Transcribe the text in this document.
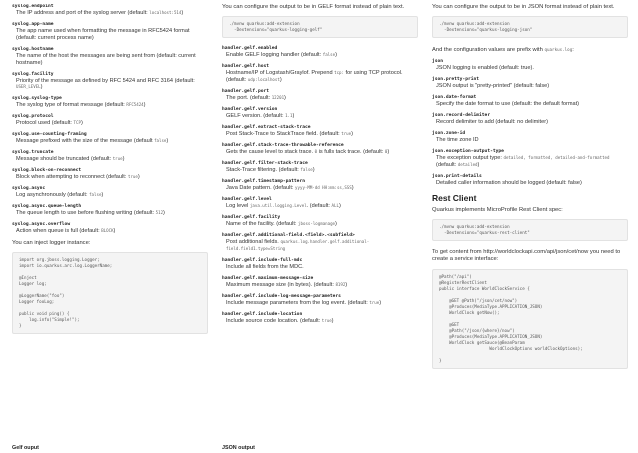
syslog.endpoint
The IP address and port of the syslog server (default: localhost:514)
syslog.app-name
The app name used when formatting the message in RFC5424 format (default: current process name)
syslog.hostname
The name of the host the messages are being sent from (default: current hostname)
syslog.facility
Priority of the message as defined by RFC 5424 and RFC 3164 (default: USER_LEVEL)
syslog.syslog-type
The syslog type of format message (default: RFC5424)
syslog.protocol
Protocol used (default: TCP)
syslog.use-counting-framing
Message prefixed with the size of the message (default false)
syslog.truncate
Message should be truncated (default: true)
syslog.block-on-reconnect
Block when attempting to reconnect (default: true)
syslog.async
Log asynchronously (default: false)
syslog.async.queue-length
The queue length to use before flushing writing (default: 512)
syslog.async.overflow
Action when queue is full (default: BLOCK)

You can inject logger instance:

import org.jboss.logging.Logger;
import io.quarkus.arc.log.LoggerName;

@Inject
Logger log;

@LoggerName("foo")
Logger fooLog;

public void ping() {
log.info("Simple!");
}
Gelf ouput

You can configure the output to be in GELF format instead of plain text.

./mvnw quarkus:add-extension
-Dextensions="quarkus-logging-gelf"
handler.gelf.enabled
Enable GELF logging handler (default: false)
handler.gelf.host
Hostname/IP of Logstash/Graylof. Prepend tcp: for using TCP protocol. (default: udp:localhost)
handler.gelf.port
The port. (default: 12201)
handler.gelf.version
GELF version. (default: 1.1)
handler.gelf.extract-stack-trace
Post Stack-Trace to StackTrace field. (default: true)
handler.gelf.stack-trace-throwable-reference
Gets the cause level to stack trace. 0 is fulls tack trace. (default: 0)
handler.gelf.filter-stack-trace
Stack-Trace filtering. (default: false)
handler.gelf.timestamp-pattern
Java Date pattern. (default: yyyy-MM-dd HH:mm:ss,SSS)
handler.gelf.level
Log level java.util.logging.Level. (default: ALL)
handler.gelf.facility
Name of the facility. (default: jboss-logmanage)
handler.gelf.additional-field.<field>.<subfield>
Post additional fields. quarkus.log.handler.gelf.additional-field.field1.type=String
handler.gelf.include-full-mdc
Include all fields from the MDC.
handler.gelf.maximum-message-size
Maximum message size (in bytes). (default: 8192)
handler.gelf.include-log-message-parameters
Include message parameters from the log event. (default: true)
handler.gelf.include-location
Include source code location. (default: true)
JSON output

You can configure the output to be in JSON format instead of plain text.

./mvnw quarkus:add-extension
-Dextensions="quarkus-logging-json"

And the configuration values are prefix with quarkus.log:

json
JSON logging is enabled (default: true).
json.pretty-print
JSON output is "pretty-printed" (default: false)
json.date-format
Specify the date format to use (default: the default format)
json.record-delimiter
Record delimiter to add (default: no delimiter)
json.zone-id
The time zone ID
json.exception-output-type
The exception output type: detailed, formatted, detailed-and-formatted (default: detailed)
json.print-details
Detailed caller information should be logged (default: false)
Rest Client

Quarkus implements MicroProfile Rest Client spec:

./mvnw quarkus:add-extension
-Dextensions="quarkus-rest-client"

To get content from http://worldclockapi.com/api/json/cet/now you need to create a service interface:

@Path("/api")
@RegisterRestClient
public interface WorldClockService {

@GET @Path("/json/cet/now")
@Produces(MediaType.APPLICATION_JSON)
WorldClock getNow();

@GET
@Path("/json/{where}/now")
@Produces(MediaType.APPLICATION_JSON)
WorldClock getSauce(@BeanParam
WorldClockOptions worldClockOptions);

}
